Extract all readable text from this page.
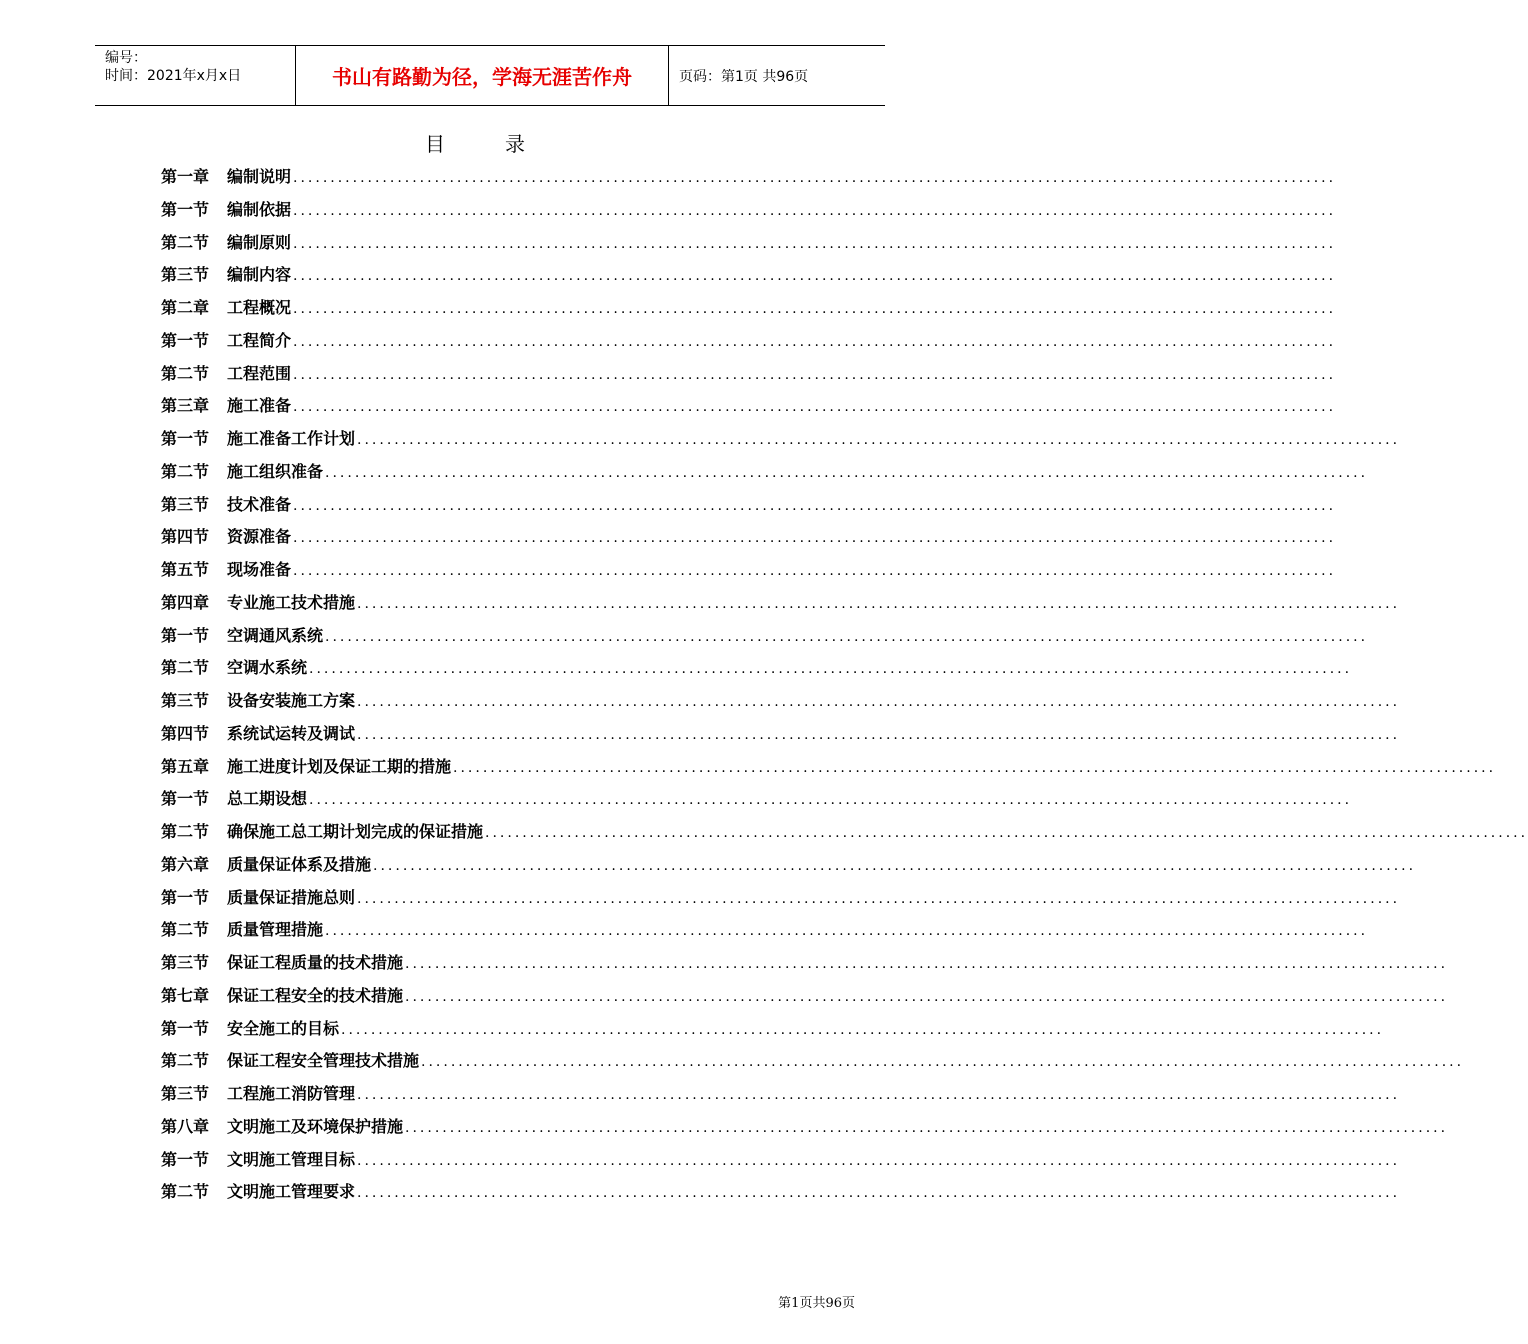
编号：
时间：2021年x月x日	书山有路勤为径，学海无涯苦作舟	页码：第1页 共96页
目　　　录
第一章	编制说明 ............................................................................................................................................
第一节	编制依据 ............................................................................................................................................
第二节	编制原则 ............................................................................................................................................
第三节	编制内容 ............................................................................................................................................
第二章	工程概况 ............................................................................................................................................
第一节	工程简介 ............................................................................................................................................
第二节	工程范围 ............................................................................................................................................
第三章	施工准备 ............................................................................................................................................
第一节	施工准备工作计划 ............................................................................................................................................
第二节	施工组织准备 ............................................................................................................................................
第三节	技术准备 ............................................................................................................................................
第四节	资源准备 ............................................................................................................................................
第五节	现场准备 ............................................................................................................................................
第四章	专业施工技术措施 ............................................................................................................................................
第一节	空调通风系统 ............................................................................................................................................
第二节	空调水系统 ............................................................................................................................................
第三节	设备安装施工方案 ............................................................................................................................................
第四节	系统试运转及调试 ............................................................................................................................................
第五章	施工进度计划及保证工期的措施 ............................................................................................................................................
第一节	总工期设想 ............................................................................................................................................
第二节	确保施工总工期计划完成的保证措施 ............................................................................................................................................
第六章	质量保证体系及措施 ............................................................................................................................................
第一节	质量保证措施总则 ............................................................................................................................................
第二节	质量管理措施 ............................................................................................................................................
第三节	保证工程质量的技术措施 ............................................................................................................................................
第七章	保证工程安全的技术措施 ............................................................................................................................................
第一节	安全施工的目标 ............................................................................................................................................
第二节	保证工程安全管理技术措施 ............................................................................................................................................
第三节	工程施工消防管理 ............................................................................................................................................
第八章	文明施工及环境保护措施 ............................................................................................................................................
第一节	文明施工管理目标 ............................................................................................................................................
第二节	文明施工管理要求 ............................................................................................................................................
第1页共96页
